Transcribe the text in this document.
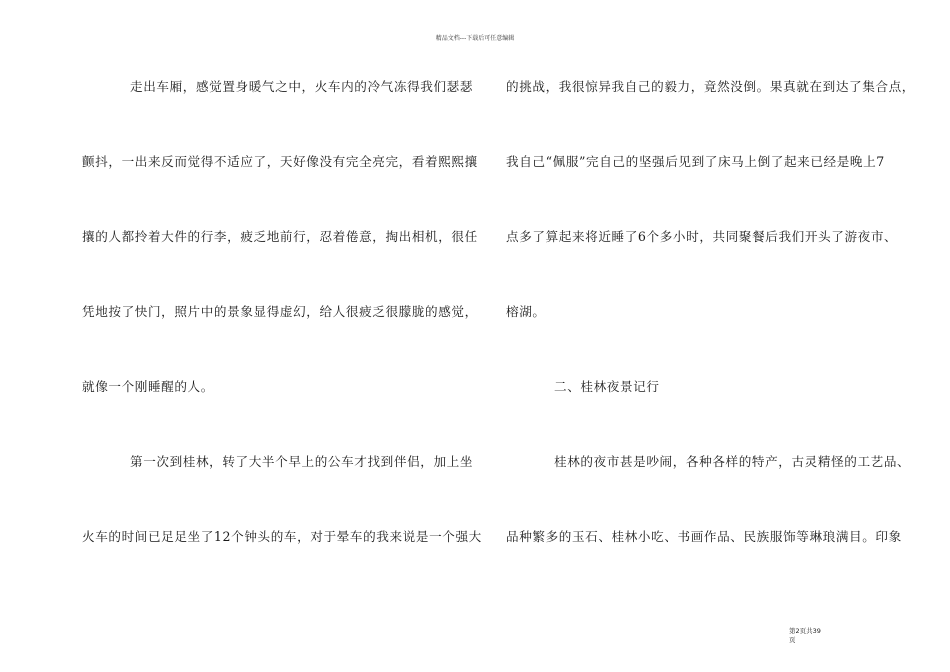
精品文档---下载后可任意编辑
走出车厢，感觉置身暖气之中，火车内的冷气冻得我们瑟瑟
颤抖，一出来反而觉得不适应了，天好像没有完全亮完，看着熙熙攘
攘的人都拎着大件的行李，疲乏地前行，忍着倦意，掏出相机，很任
凭地按了快门，照片中的景象显得虚幻，给人很疲乏很朦胧的感觉，
就像一个刚睡醒的人。
第一次到桂林，转了大半个早上的公车才找到伴侣，加上坐
火车的时间已足足坐了12个钟头的车，对于晕车的我来说是一个强大
的挑战，我很惊异我自己的毅力，竟然没倒。果真就在到达了集合点，
我自己“佩服”完自己的坚强后见到了床马上倒了起来已经是晚上7
点多了算起来将近睡了6个多小时，共同聚餐后我们开头了游夜市、
榕湖。
二、桂林夜景记行
桂林的夜市甚是吵闹，各种各样的特产，古灵精怪的工艺品、
品种繁多的玉石、桂林小吃、书画作品、民族服饰等琳琅满目。印象
第2页共39
页
